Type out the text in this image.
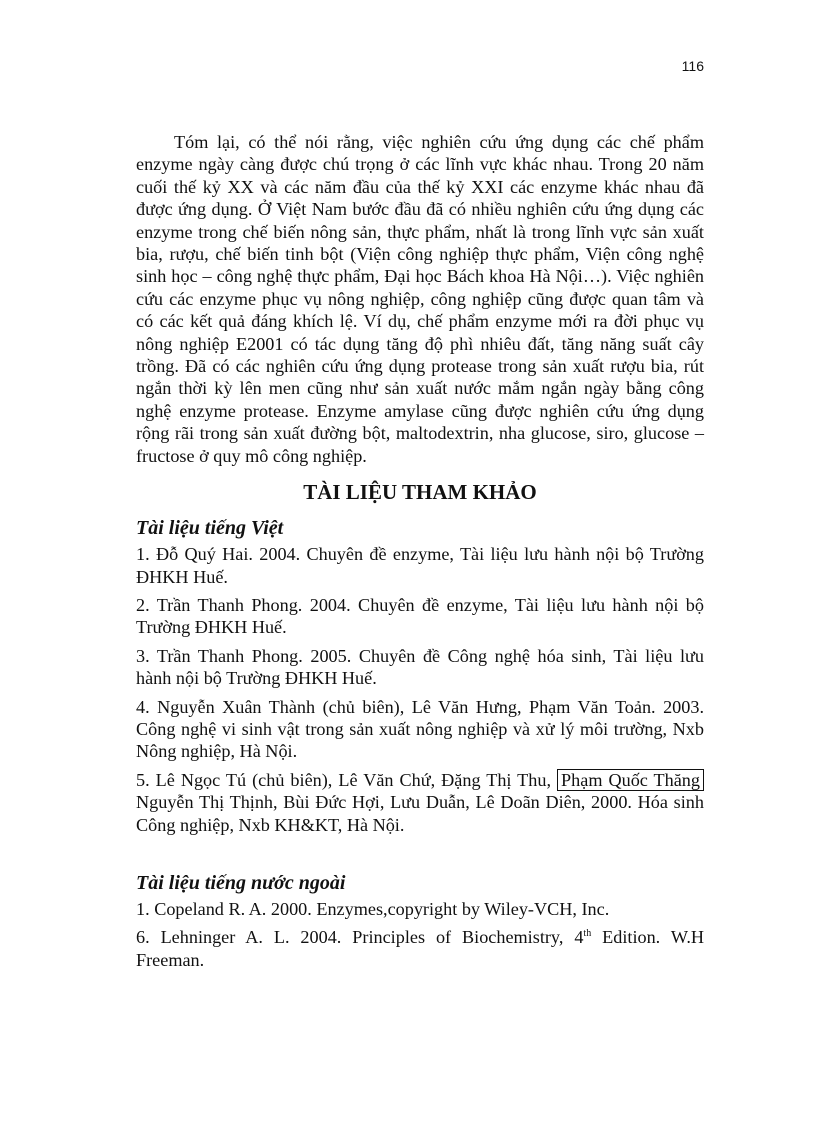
116

Tóm lại, có thể nói rằng, việc nghiên cứu ứng dụng các chế phẩm enzyme ngày càng được chú trọng ở các lĩnh vực khác nhau. Trong 20 năm cuối thế kỷ XX và các năm đầu của thế kỷ XXI các enzyme khác nhau đã được ứng dụng. Ở Việt Nam bước đầu đã có nhiều nghiên cứu ứng dụng các enzyme trong chế biến nông sản, thực phẩm, nhất là trong lĩnh vực sản xuất bia, rượu, chế biến tinh bột (Viện công nghiệp thực phẩm, Viện công nghệ sinh học – công nghệ thực phẩm, Đại học Bách khoa Hà Nội…). Việc nghiên cứu các enzyme phục vụ nông nghiệp, công nghiệp cũng được quan tâm và có các kết quả đáng khích lệ. Ví dụ, chế phẩm enzyme mới ra đời phục vụ nông nghiệp E2001 có tác dụng tăng độ phì nhiêu đất, tăng năng suất cây trồng. Đã có các nghiên cứu ứng dụng protease trong sản xuất rượu bia, rút ngắn thời kỳ lên men cũng như sản xuất nước mắm ngắn ngày bằng công nghệ enzyme protease. Enzyme amylase cũng được nghiên cứu ứng dụng rộng rãi trong sản xuất đường bột, maltodextrin, nha glucose, siro, glucose – fructose ở quy mô công nghiệp.

TÀI LIỆU THAM KHẢO

Tài liệu tiếng Việt

1. Đỗ Quý Hai. 2004. Chuyên đề enzyme, Tài liệu lưu hành nội bộ Trường ĐHKH Huế.

2. Trần Thanh Phong. 2004. Chuyên đề enzyme, Tài liệu lưu hành nội bộ Trường ĐHKH Huế.

3. Trần Thanh Phong. 2005. Chuyên đề Công nghệ hóa sinh, Tài liệu lưu hành nội bộ Trường ĐHKH Huế.

4. Nguyễn Xuân Thành (chủ biên), Lê Văn Hưng, Phạm Văn Toản. 2003. Công nghệ vi sinh vật trong sản xuất nông nghiệp và xử lý môi trường, Nxb Nông nghiệp, Hà Nội.

5. Lê Ngọc Tú (chủ biên), Lê Văn Chứ, Đặng Thị Thu, Phạm Quốc Thăng Nguyễn Thị Thịnh, Bùi Đức Hợi, Lưu Duẫn, Lê Doãn Diên, 2000. Hóa sinh Công nghiệp, Nxb KH&KT, Hà Nội.

Tài liệu tiếng nước ngoài

1. Copeland R. A. 2000. Enzymes,copyright by Wiley-VCH, Inc.

6. Lehninger A. L. 2004. Principles of Biochemistry, 4th Edition. W.H Freeman.
